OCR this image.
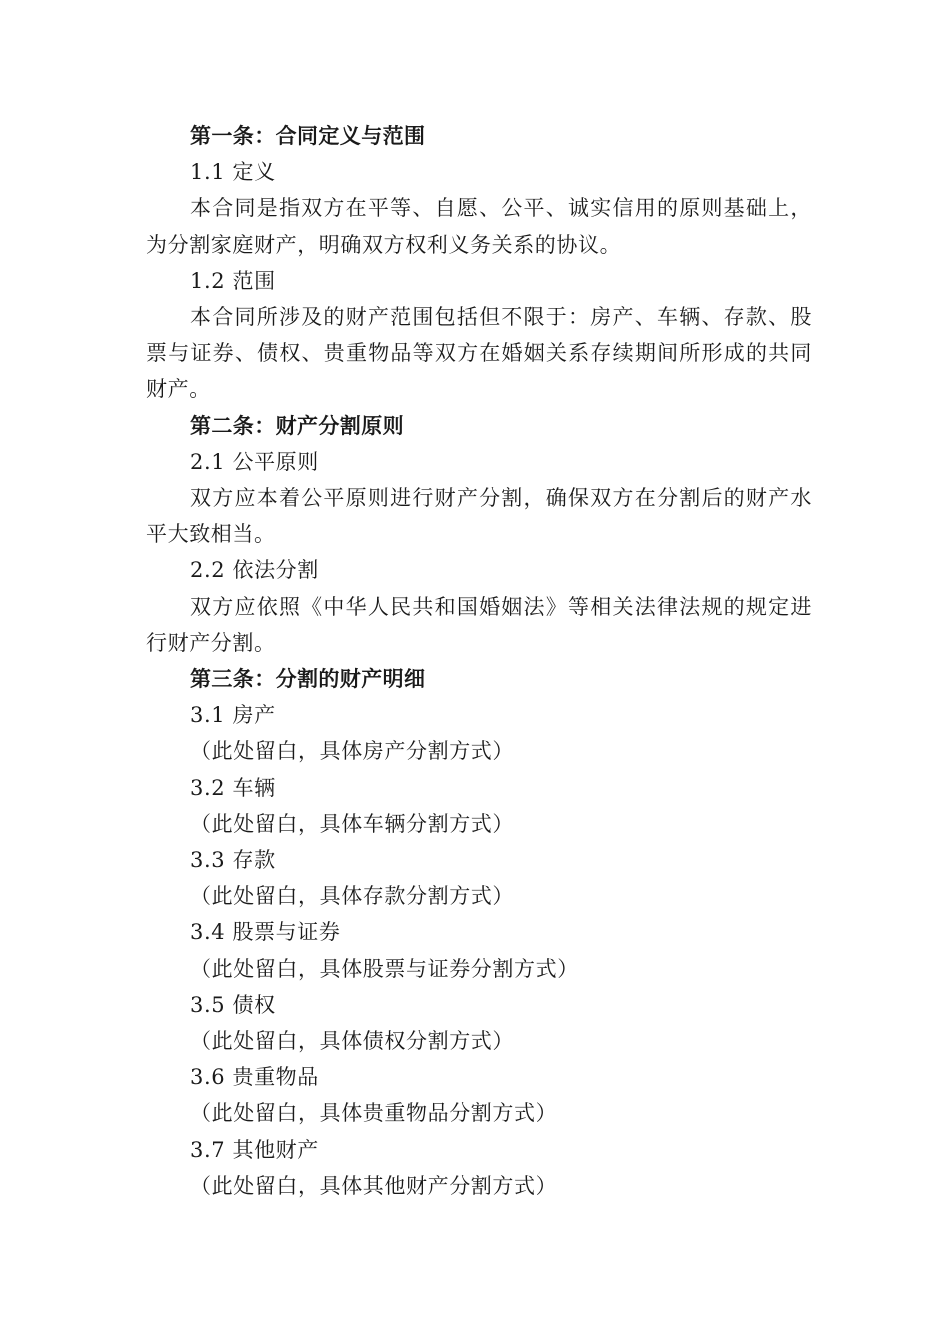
第一条：合同定义与范围

1.1 定义

本合同是指双方在平等、自愿、公平、诚实信用的原则基础上，为分割家庭财产，明确双方权利义务关系的协议。

1.2 范围

本合同所涉及的财产范围包括但不限于：房产、车辆、存款、股票与证券、债权、贵重物品等双方在婚姻关系存续期间所形成的共同财产。

第二条：财产分割原则

2.1 公平原则

双方应本着公平原则进行财产分割，确保双方在分割后的财产水平大致相当。

2.2 依法分割

双方应依照《中华人民共和国婚姻法》等相关法律法规的规定进行财产分割。

第三条：分割的财产明细

3.1 房产

（此处留白，具体房产分割方式）

3.2 车辆

（此处留白，具体车辆分割方式）

3.3 存款

（此处留白，具体存款分割方式）

3.4 股票与证券

（此处留白，具体股票与证券分割方式）

3.5 债权

（此处留白，具体债权分割方式）

3.6 贵重物品

（此处留白，具体贵重物品分割方式）

3.7 其他财产

（此处留白，具体其他财产分割方式）
